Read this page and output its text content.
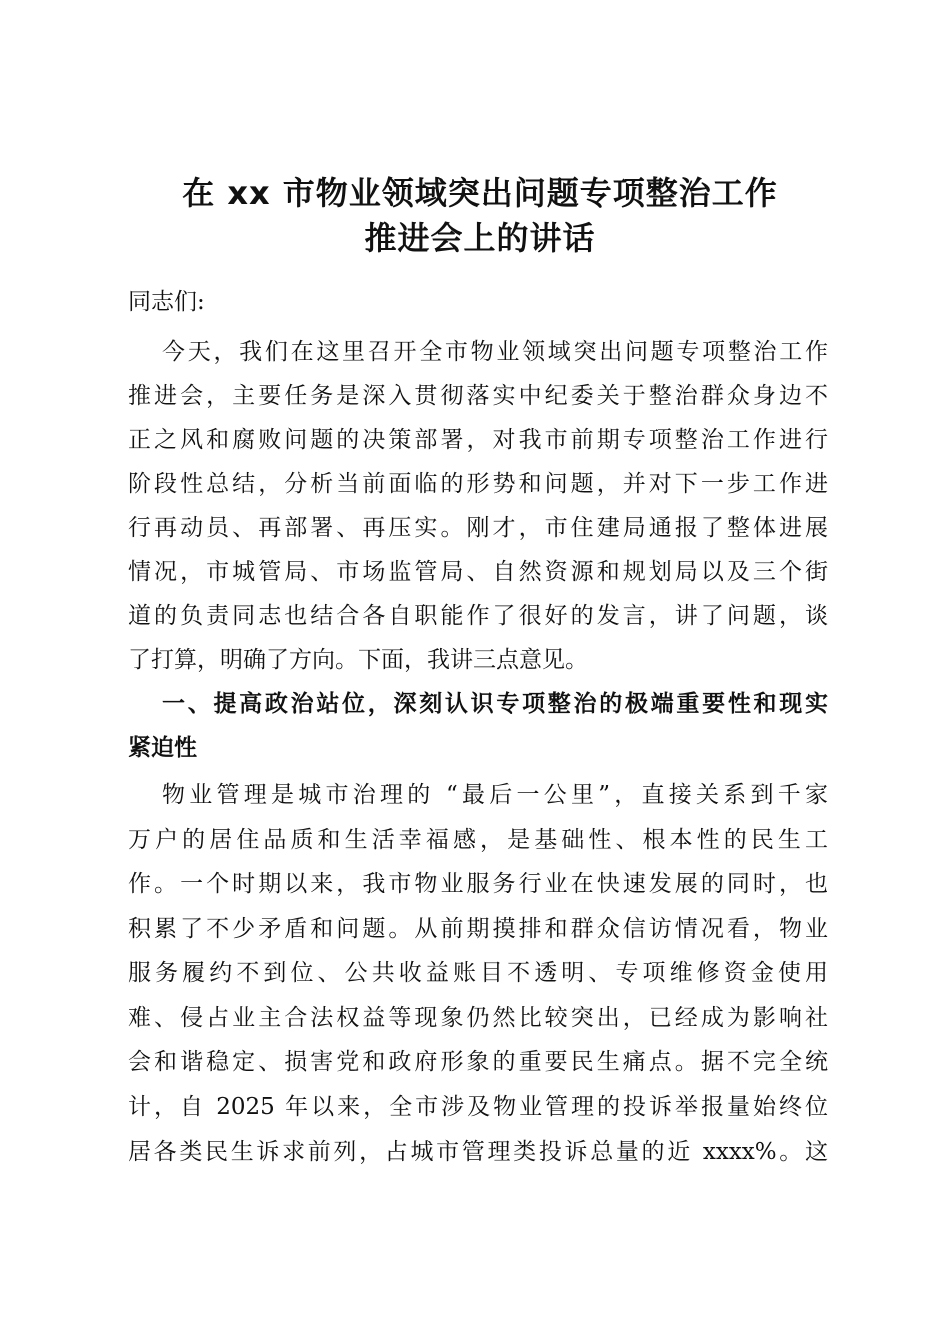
在 xx 市物业领域突出问题专项整治工作
推进会上的讲话

同志们:

今天，我们在这里召开全市物业领域突出问题专项整治工作

推进会，主要任务是深入贯彻落实中纪委关于整治群众身边不

正之风和腐败问题的决策部署，对我市前期专项整治工作进行

阶段性总结，分析当前面临的形势和问题，并对下一步工作进

行再动员、再部署、再压实。刚才，市住建局通报了整体进展

情况，市城管局、市场监管局、自然资源和规划局以及三个街

道的负责同志也结合各自职能作了很好的发言，讲了问题，谈

了打算，明确了方向。下面，我讲三点意见。

一、提高政治站位，深刻认识专项整治的极端重要性和现实

紧迫性

物业管理是城市治理的 “最后一公里”，直接关系到千家

万户的居住品质和生活幸福感，是基础性、根本性的民生工

作。一个时期以来，我市物业服务行业在快速发展的同时，也

积累了不少矛盾和问题。从前期摸排和群众信访情况看，物业

服务履约不到位、公共收益账目不透明、专项维修资金使用

难、侵占业主合法权益等现象仍然比较突出，已经成为影响社

会和谐稳定、损害党和政府形象的重要民生痛点。据不完全统

计，自 2025 年以来，全市涉及物业管理的投诉举报量始终位

居各类民生诉求前列，占城市管理类投诉总量的近 xxxx%。这
